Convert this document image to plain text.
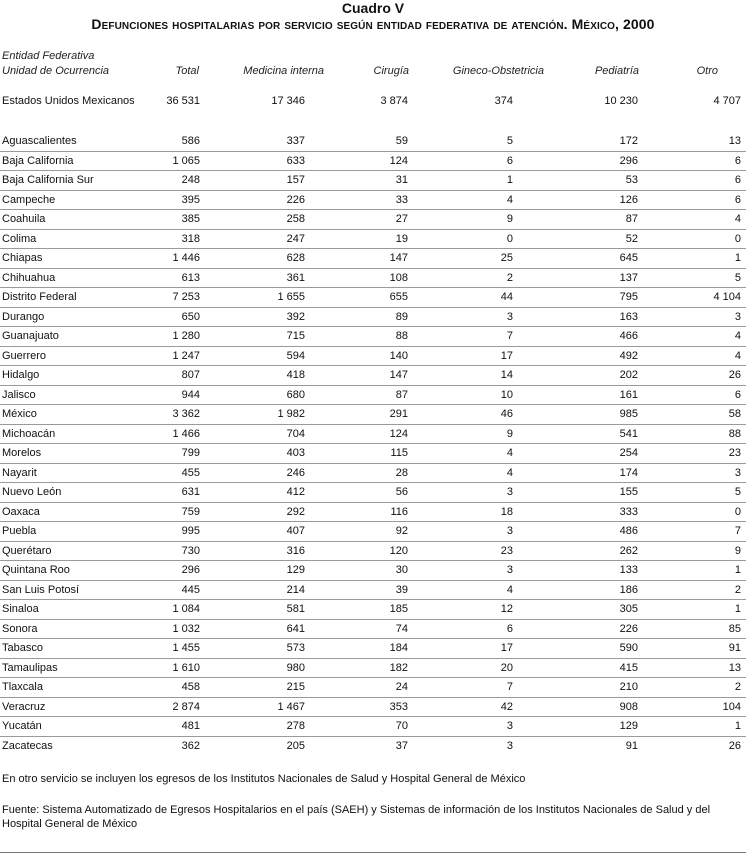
Cuadro V
Defunciones hospitalarias por servicio según entidad federativa de atención. México, 2000
Entidad Federativa
Unidad de Ocurrencia	Total	Medicina interna	Cirugía	Gineco-Obstetricia	Pediatría	Otro
Estados Unidos Mexicanos	36 531	17 346	3 874	374	10 230	4 707
Aguascalientes	586	337	59	5	172	13
Baja California	1 065	633	124	6	296	6
Baja California Sur	248	157	31	1	53	6
Campeche	395	226	33	4	126	6
Coahuila	385	258	27	9	87	4
Colima	318	247	19	0	52	0
Chiapas	1 446	628	147	25	645	1
Chihuahua	613	361	108	2	137	5
Distrito Federal	7 253	1 655	655	44	795	4 104
Durango	650	392	89	3	163	3
Guanajuato	1 280	715	88	7	466	4
Guerrero	1 247	594	140	17	492	4
Hidalgo	807	418	147	14	202	26
Jalisco	944	680	87	10	161	6
México	3 362	1 982	291	46	985	58
Michoacán	1 466	704	124	9	541	88
Morelos	799	403	115	4	254	23
Nayarit	455	246	28	4	174	3
Nuevo León	631	412	56	3	155	5
Oaxaca	759	292	116	18	333	0
Puebla	995	407	92	3	486	7
Querétaro	730	316	120	23	262	9
Quintana Roo	296	129	30	3	133	1
San Luis Potosí	445	214	39	4	186	2
Sinaloa	1 084	581	185	12	305	1
Sonora	1 032	641	74	6	226	85
Tabasco	1 455	573	184	17	590	91
Tamaulipas	1 610	980	182	20	415	13
Tlaxcala	458	215	24	7	210	2
Veracruz	2 874	1 467	353	42	908	104
Yucatán	481	278	70	3	129	1
Zacatecas	362	205	37	3	91	26
En otro servicio se incluyen los egresos de los Institutos Nacionales de Salud y Hospital General de México
Fuente: Sistema Automatizado de Egresos Hospitalarios en el país (SAEH) y Sistemas de información de los Institutos Nacionales de Salud y del Hospital General de México
